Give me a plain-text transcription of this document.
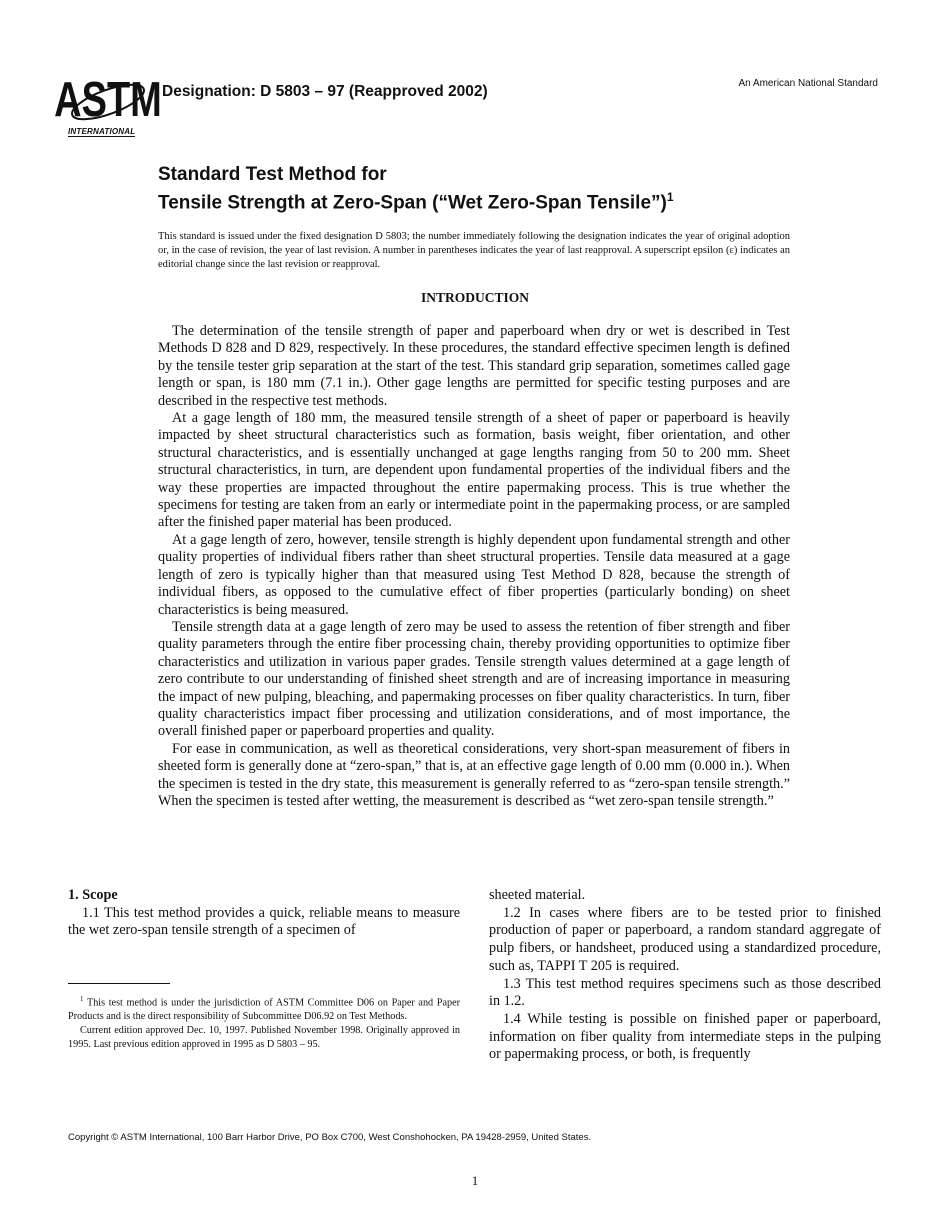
ASTM
INTERNATIONAL
Designation: D 5803 – 97 (Reapproved 2002)	An American National Standard
Standard Test Method for
Tensile Strength at Zero-Span (“Wet Zero-Span Tensile”)$^1$
This standard is issued under the fixed designation D 5803; the number immediately following the designation indicates the year of original adoption or, in the case of revision, the year of last revision. A number in parentheses indicates the year of last reapproval. A superscript epsilon (ε) indicates an editorial change since the last revision or reapproval.
INTRODUCTION

The determination of the tensile strength of paper and paperboard when dry or wet is described in Test Methods D 828 and D 829, respectively. In these procedures, the standard effective specimen length is defined by the tensile tester grip separation at the start of the test. This standard grip separation, sometimes called gage length or span, is 180 mm (7.1 in.). Other gage lengths are permitted for specific testing purposes and are described in the respective test methods.

At a gage length of 180 mm, the measured tensile strength of a sheet of paper or paperboard is heavily impacted by sheet structural characteristics such as formation, basis weight, fiber orientation, and other structural characteristics, and is essentially unchanged at gage lengths ranging from 50 to 200 mm. Sheet structural characteristics, in turn, are dependent upon fundamental properties of the individual fibers and the way these properties are impacted throughout the entire papermaking process. This is true whether the specimens for testing are taken from an early or intermediate point in the papermaking process, or are sampled after the finished paper material has been produced.

At a gage length of zero, however, tensile strength is highly dependent upon fundamental strength and other quality properties of individual fibers rather than sheet structural properties. Tensile data measured at a gage length of zero is typically higher than that measured using Test Method D 828, because the strength of individual fibers, as opposed to the cumulative effect of fiber properties (particularly bonding) on sheet characteristics is being measured.

Tensile strength data at a gage length of zero may be used to assess the retention of fiber strength and fiber quality parameters through the entire fiber processing chain, thereby providing opportunities to optimize fiber characteristics and utilization in various paper grades. Tensile strength values determined at a gage length of zero contribute to our understanding of finished sheet strength and are of increasing importance in measuring the impact of new pulping, bleaching, and papermaking processes on fiber quality characteristics. In turn, fiber quality characteristics impact fiber processing and utilization considerations, and of most importance, the overall finished paper or paperboard properties and quality.

For ease in communication, as well as theoretical considerations, very short-span measurement of fibers in sheeted form is generally done at “zero-span,” that is, at an effective gage length of 0.00 mm (0.000 in.). When the specimen is tested in the dry state, this measurement is generally referred to as “zero-span tensile strength.” When the specimen is tested after wetting, the measurement is described as “wet zero-span tensile strength.”

1. Scope

1.1 This test method provides a quick, reliable means to measure the wet zero-span tensile strength of a specimen of

$^1$ This test method is under the jurisdiction of ASTM Committee D06 on Paper and Paper Products and is the direct responsibility of Subcommittee D06.92 on Test Methods.

Current edition approved Dec. 10, 1997. Published November 1998. Originally approved in 1995. Last previous edition approved in 1995 as D 5803 – 95.

sheeted material.

1.2 In cases where fibers are to be tested prior to finished production of paper or paperboard, a random standard aggregate of pulp fibers, or handsheet, produced using a standardized procedure, such as, TAPPI T 205 is required.

1.3 This test method requires specimens such as those described in 1.2.

1.4 While testing is possible on finished paper or paperboard, information on fiber quality from intermediate steps in the pulping or papermaking process, or both, is frequently

Copyright © ASTM International, 100 Barr Harbor Drive, PO Box C700, West Conshohocken, PA 19428-2959, United States.
1
